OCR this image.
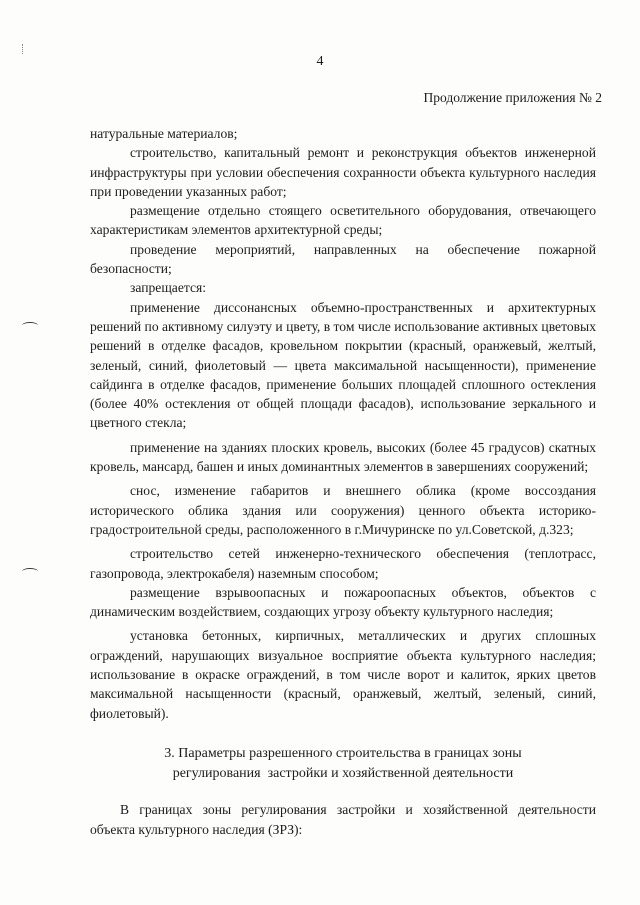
4
Продолжение приложения № 2

натуральные материалов;

строительство, капитальный ремонт и реконструкция объектов инженерной инфраструктуры при условии обеспечения сохранности объекта культурного наследия при проведении указанных работ;

размещение отдельно стоящего осветительного оборудования, отвечающего характеристикам элементов архитектурной среды;

проведение мероприятий, направленных на обеспечение пожарной безопасности;

запрещается:

применение диссонансных объемно-пространственных и архитектурных решений по активному силуэту и цвету, в том числе использование активных цветовых решений в отделке фасадов, кровельном покрытии (красный, оранжевый, желтый, зеленый, синий, фиолетовый — цвета максимальной насыщенности), применение сайдинга в отделке фасадов, применение больших площадей сплошного остекления (более 40% остекления от общей площади фасадов), использование зеркального и цветного стекла;

применение на зданиях плоских кровель, высоких (более 45 градусов) скатных кровель, мансард, башен и иных доминантных элементов в завершениях сооружений;

снос, изменение габаритов и внешнего облика (кроме воссоздания исторического облика здания или сооружения) ценного объекта историко-градостроительной среды, расположенного в г.Мичуринске по ул.Советской, д.323;

строительство сетей инженерно-технического обеспечения (теплотрасс, газопровода, электрокабеля) наземным способом;

размещение взрывоопасных и пожароопасных объектов, объектов с динамическим воздействием, создающих угрозу объекту культурного наследия;

установка бетонных, кирпичных, металлических и других сплошных ограждений, нарушающих визуальное восприятие объекта культурного наследия; использование в окраске ограждений, в том числе ворот и калиток, ярких цветов максимальной насыщенности (красный, оранжевый, желтый, зеленый, синий, фиолетовый).

3. Параметры разрешенного строительства в границах зоны
регулирования  застройки и хозяйственной деятельности

В границах зоны регулирования застройки и хозяйственной деятельности объекта культурного наследия (ЗРЗ):
